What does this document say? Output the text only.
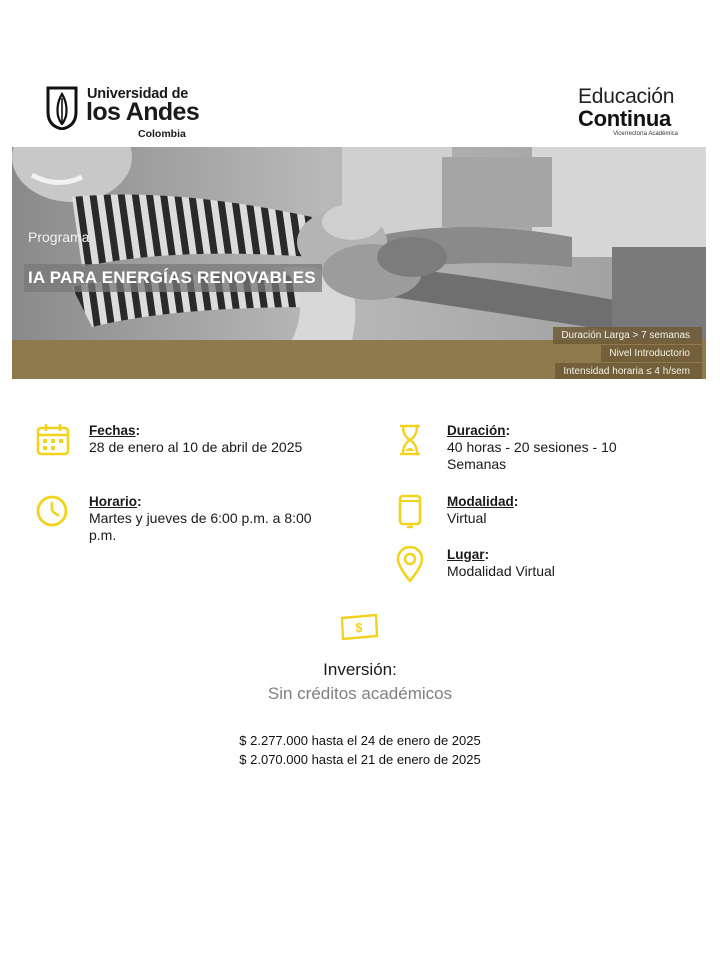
Universidad de
los Andes
Colombia
Educación
Continua
Vicerrectoría Académica
Programa
IA PARA ENERGÍAS RENOVABLES
Duración Larga > 7 semanas
Nivel Introductorio
Intensidad horaria ≤ 4 h/sem
Fechas:
28 de enero al 10 de abril de 2025
Horario:
Martes y jueves de 6:00 p.m. a 8:00 p.m.
Duración:
40 horas - 20 sesiones - 10 Semanas
Modalidad:
Virtual
Lugar:
Modalidad Virtual
$
Inversión:
Sin créditos académicos
$ 2.277.000 hasta el 24 de enero de 2025
$ 2.070.000 hasta el 21 de enero de 2025
